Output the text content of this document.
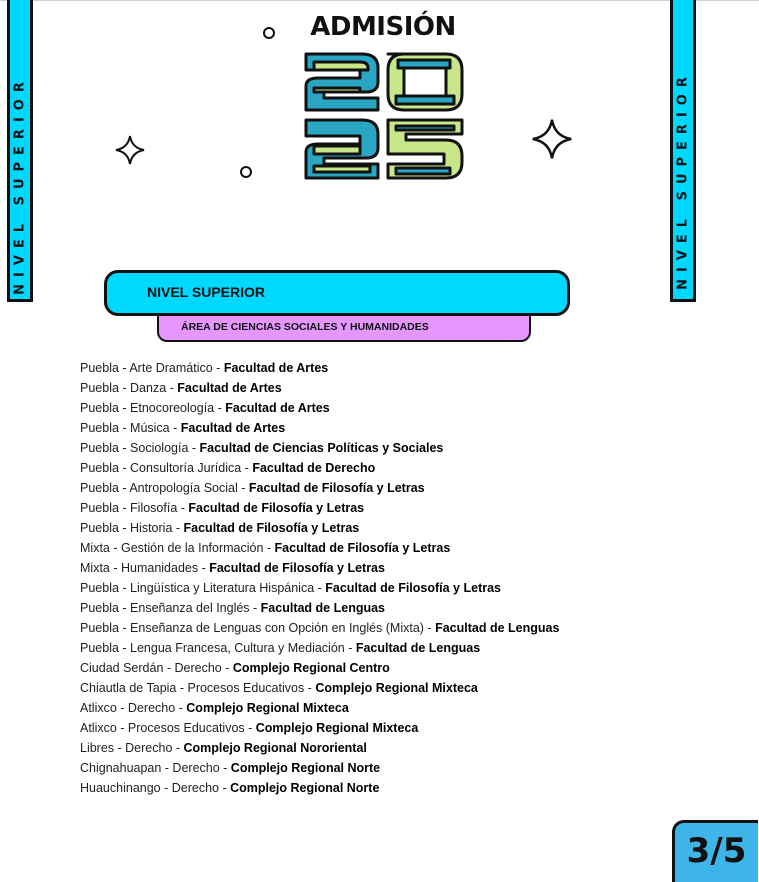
NIVEL SUPERIOR	NIVEL SUPERIOR
ADMISIÓN
NIVEL SUPERIOR
ÁREA DE CIENCIAS SOCIALES Y HUMANIDADES
Puebla - Arte Dramático - Facultad de Artes
Puebla - Danza - Facultad de Artes
Puebla - Etnocoreología - Facultad de Artes
Puebla - Música - Facultad de Artes
Puebla - Sociología - Facultad de Ciencias Políticas y Sociales
Puebla - Consultoría Jurídica - Facultad de Derecho
Puebla - Antropología Social - Facultad de Filosofía y Letras
Puebla - Filosofía - Facultad de Filosofía y Letras
Puebla - Historia - Facultad de Filosofía y Letras
Mixta - Gestión de la Información - Facultad de Filosofía y Letras
Mixta - Humanidades - Facultad de Filosofía y Letras
Puebla - Lingüística y Literatura Hispánica - Facultad de Filosofía y Letras
Puebla - Enseñanza del Inglés - Facultad de Lenguas
Puebla - Enseñanza de Lenguas con Opción en Inglés (Mixta) - Facultad de Lenguas
Puebla - Lengua Francesa, Cultura y Mediación - Facultad de Lenguas
Ciudad Serdán - Derecho - Complejo Regional Centro
Chiautla de Tapia - Procesos Educativos - Complejo Regional Mixteca
Atlixco - Derecho - Complejo Regional Mixteca
Atlixco - Procesos Educativos - Complejo Regional Mixteca
Libres - Derecho - Complejo Regional Nororiental
Chignahuapan - Derecho - Complejo Regional Norte
Huauchinango - Derecho - Complejo Regional Norte
3/5
